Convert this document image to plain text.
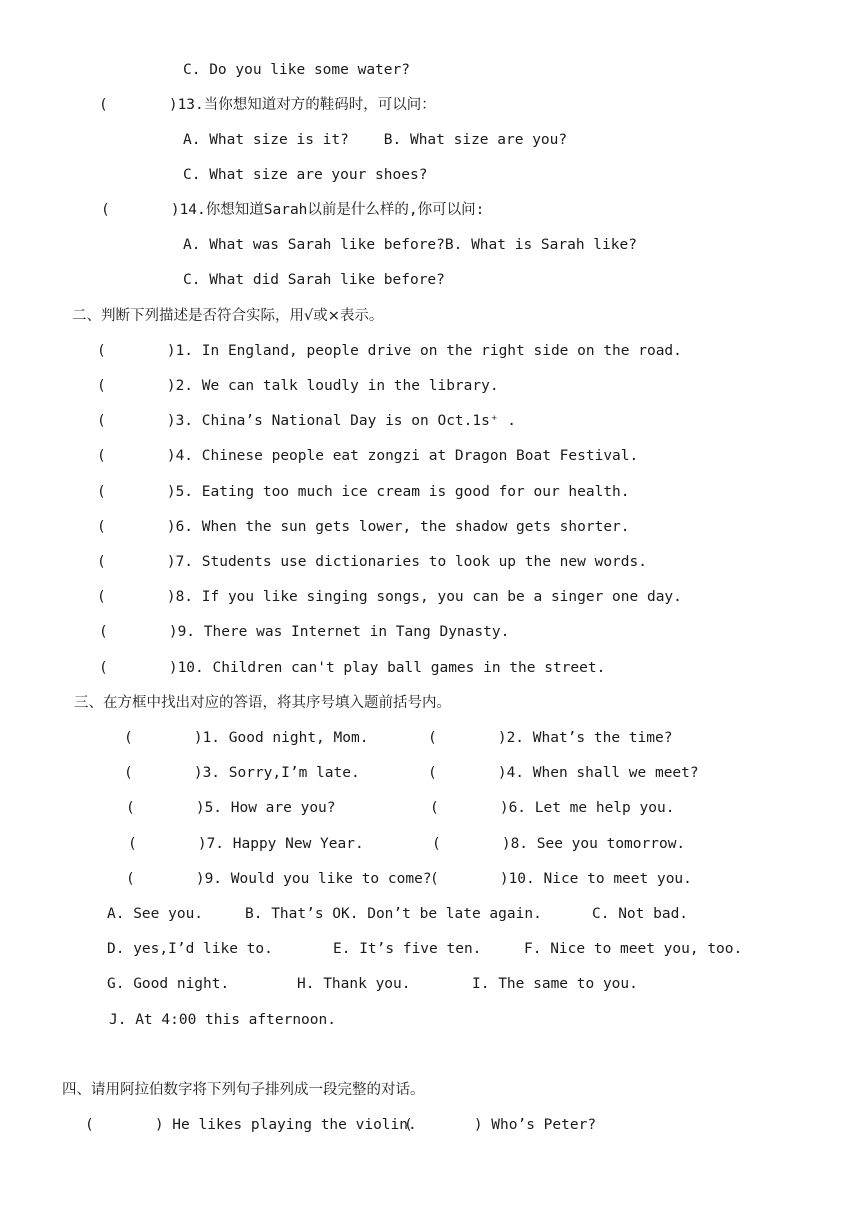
C. Do you like some water?
(       )13.当你想知道对方的鞋码时，可以问：
A. What size is it?    B. What size are you?
C. What size are your shoes?
(       )14.你想知道Sarah以前是什么样的,你可以问:
A. What was Sarah like before?B. What is Sarah like?
C. What did Sarah like before?
二、判断下列描述是否符合实际，用√或×表示。
(       )1. In England, people drive on the right side on the road.
(       )2. We can talk loudly in the library.
(       )3. China’s National Day is on Oct.1s⁺ .
(       )4. Chinese people eat zongzi at Dragon Boat Festival.
(       )5. Eating too much ice cream is good for our health.
(       )6. When the sun gets lower, the shadow gets shorter.
(       )7. Students use dictionaries to look up the new words.
(       )8. If you like singing songs, you can be a singer one day.
(       )9. There was Internet in Tang Dynasty.
(       )10. Children can't play ball games in the street.
三、在方框中找出对应的答语，将其序号填入题前括号内。
(       )1. Good night, Mom.	(       )2. What’s the time?
(       )3. Sorry,I’m late.	(       )4. When shall we meet?
(       )5. How are you?	(       )6. Let me help you.
(       )7. Happy New Year.	(       )8. See you tomorrow.
(       )9. Would you like to come?
(       )10. Nice to meet you.
A. See you.	B. That’s OK. Don’t be late again.	C. Not bad.
D. yes,I’d like to.	E. It’s five ten.	F. Nice to meet you, too.
G. Good night.	H. Thank you.	I. The same to you.
J. At 4:00 this afternoon.
四、请用阿拉伯数字将下列句子排列成一段完整的对话。
(       ) He likes playing the violin.
(       ) Who’s Peter?
